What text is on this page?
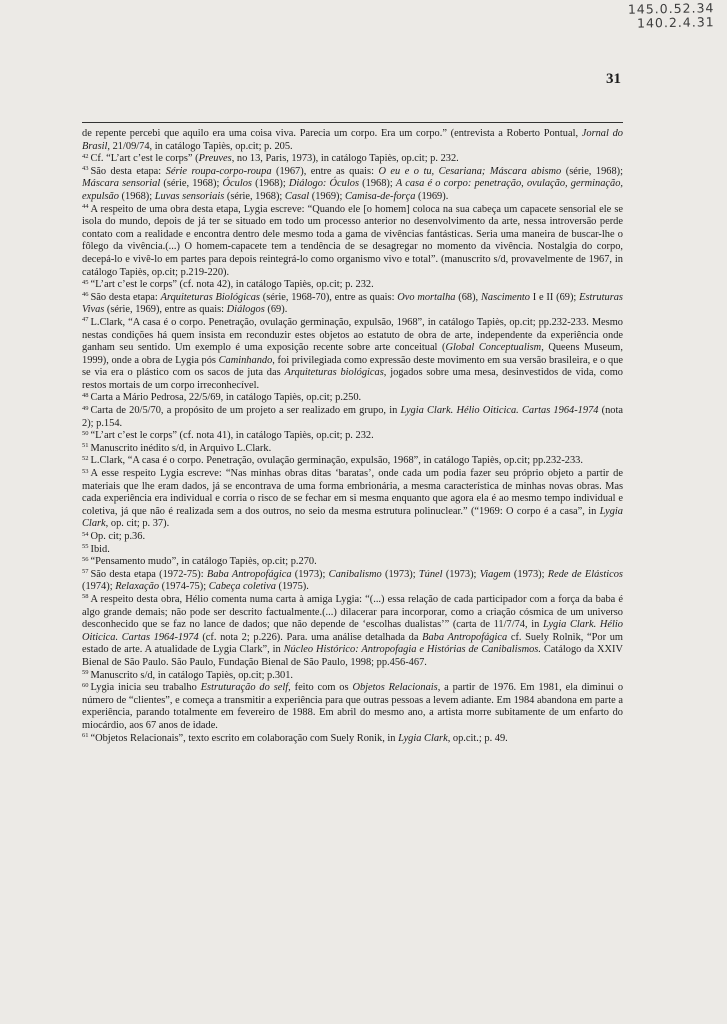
145.0.52.34
140.2.4.31
31

de repente percebi que aquilo era uma coisa viva. Parecia um corpo. Era um corpo.” (entrevista a Roberto Pontual, Jornal do Brasil, 21/09/74, in catálogo Tapiès, op.cit; p. 205.

$^{42}$ Cf. “L’art c’est le corps” (Preuves, no 13, Paris, 1973), in catálogo Tapiès, op.cit; p. 232.

$^{43}$ São desta etapa: Série roupa-corpo-roupa (1967), entre as quais: O eu e o tu, Cesariana; Máscara abismo (série, 1968); Máscara sensorial (série, 1968); Óculos (1968); Diálogo: Óculos (1968); A casa é o corpo: penetração, ovulação, germinação, expulsão (1968); Luvas sensoriais (série, 1968); Casal (1969); Camisa-de-força (1969).

$^{44}$ A respeito de uma obra desta etapa, Lygia escreve: “Quando ele [o homem] coloca na sua cabeça um capacete sensorial ele se isola do mundo, depois de já ter se situado em todo um processo anterior no desenvolvimento da arte, nessa introversão perde contato com a realidade e encontra dentro dele mesmo toda a gama de vivências fantásticas. Seria uma maneira de buscar-lhe o fôlego da vivência.(...) O homem-capacete tem a tendência de se desagregar no momento da vivência. Nostalgia do corpo, decepá-lo e vivê-lo em partes para depois reintegrá-lo como organismo vivo e total”. (manuscrito s/d, provavelmente de 1967, in catálogo Tapiès, op.cit; p.219-220).

$^{45}$ “L’art c’est le corps” (cf. nota 42), in catálogo Tapiès, op.cit; p. 232.

$^{46}$ São desta etapa: Arquiteturas Biológicas (série, 1968-70), entre as quais: Ovo mortalha (68), Nascimento I e II (69); Estruturas Vivas (série, 1969), entre as quais: Diálogos (69).

$^{47}$ L.Clark, “A casa é o corpo. Penetração, ovulação germinação, expulsão, 1968”, in catálogo Tapiès, op.cit; pp.232-233. Mesmo nestas condições há quem insista em reconduzir estes objetos ao estatuto de obra de arte, independente da experiência onde ganham seu sentido. Um exemplo é uma exposição recente sobre arte conceitual (Global Conceptualism, Queens Museum, 1999), onde a obra de Lygia pós Caminhando, foi privilegiada como expressão deste movimento em sua versão brasileira, e o que se via era o plástico com os sacos de juta das Arquiteturas biológicas, jogados sobre uma mesa, desinvestidos de vida, como restos mortais de um corpo irreconhecível.

$^{48}$ Carta a Mário Pedrosa, 22/5/69, in catálogo Tapiès, op.cit; p.250.

$^{49}$ Carta de 20/5/70, a propósito de um projeto a ser realizado em grupo, in Lygia Clark. Hélio Oiticica. Cartas 1964-1974 (nota 2); p.154.

$^{50}$ “L’art c’est le corps” (cf. nota 41), in catálogo Tapiès, op.cit; p. 232.

$^{51}$ Manuscrito inédito s/d, in Arquivo L.Clark.

$^{52}$ L.Clark, “A casa é o corpo. Penetração, ovulação germinação, expulsão, 1968”, in catálogo Tapiès, op.cit; pp.232-233.

$^{53}$ A esse respeito Lygia escreve: “Nas minhas obras ditas ‘baratas’, onde cada um podia fazer seu próprio objeto a partir de materiais que lhe eram dados, já se encontrava de uma forma embrionária, a mesma característica de minhas novas obras. Mas cada experiência era individual e corria o risco de se fechar em si mesma enquanto que agora ela é ao mesmo tempo individual e coletiva, já que não é realizada sem a dos outros, no seio da mesma estrutura polinuclear.” (“1969: O corpo é a casa”, in Lygia Clark, op. cit; p. 37).

$^{54}$ Op. cit; p.36.

$^{55}$ Ibid.

$^{56}$ “Pensamento mudo”, in catálogo Tapiès, op.cit; p.270.

$^{57}$ São desta etapa (1972-75): Baba Antropofágica (1973); Canibalismo (1973); Túnel (1973); Viagem (1973); Rede de Elásticos (1974); Relaxação (1974-75); Cabeça coletiva (1975).

$^{58}$ A respeito desta obra, Hélio comenta numa carta à amiga Lygia: “(...) essa relação de cada participador com a força da baba é algo grande demais; não pode ser descrito factualmente.(...) dilacerar para incorporar, como a criação cósmica de um universo desconhecido que se faz no lance de dados; que não depende de ‘escolhas dualistas’” (carta de 11/7/74, in Lygia Clark. Hélio Oiticica. Cartas 1964-1974 (cf. nota 2; p.226). Para. uma análise detalhada da Baba Antropofágica cf. Suely Rolnik, “Por um estado de arte. A atualidade de Lygia Clark”, in Núcleo Histórico: Antropofagia e Histórias de Canibalismos. Catálogo da XXIV Bienal de São Paulo. São Paulo, Fundação Bienal de São Paulo, 1998; pp.456-467.

$^{59}$ Manuscrito s/d, in catálogo Tapiès, op.cit; p.301.

$^{60}$ Lygia inicia seu trabalho Estruturação do self, feito com os Objetos Relacionais, a partir de 1976. Em 1981, ela diminui o número de “clientes”, e começa a transmitir a experiência para que outras pessoas a levem adiante. Em 1984 abandona em parte a experiência, parando totalmente em fevereiro de 1988. Em abril do mesmo ano, a artista morre subitamente de um enfarto do miocárdio, aos 67 anos de idade.

$^{61}$ “Objetos Relacionais”, texto escrito em colaboração com Suely Ronik, in Lygia Clark, op.cit.; p. 49.
